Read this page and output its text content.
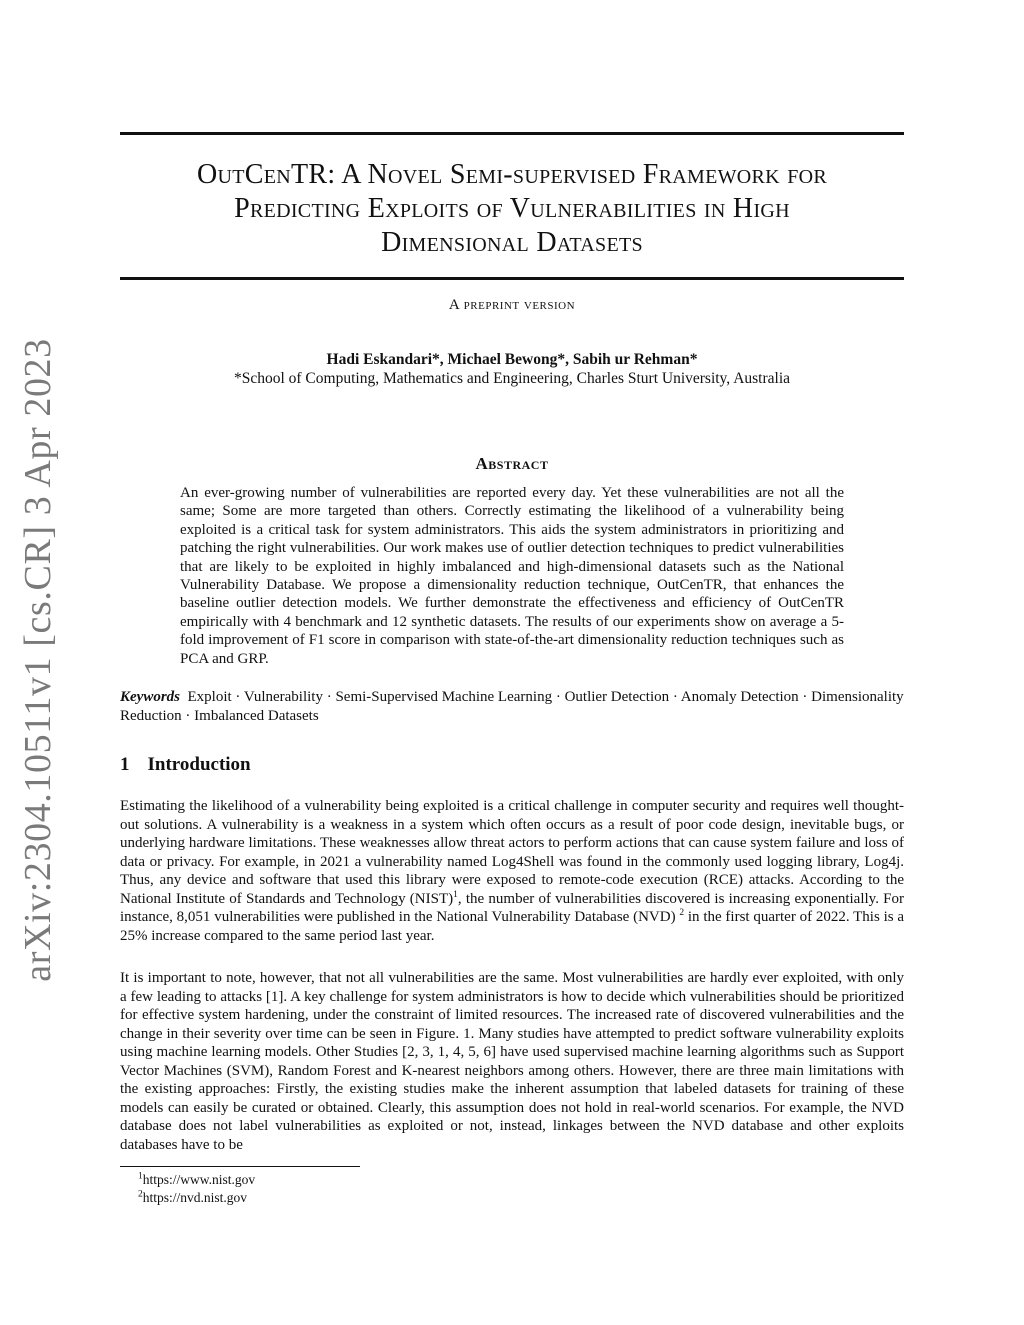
arXiv:2304.10511v1 [cs.CR] 3 Apr 2023
OutCenTR: A Novel Semi-supervised Framework for
Predicting Exploits of Vulnerabilities in High
Dimensional Datasets
A preprint version
Hadi Eskandari*, Michael Bewong*, Sabih ur Rehman*
*School of Computing, Mathematics and Engineering, Charles Sturt University, Australia
Abstract

An ever-growing number of vulnerabilities are reported every day. Yet these vulnerabilities are not all the same; Some are more targeted than others. Correctly estimating the likelihood of a vulnerability being exploited is a critical task for system administrators. This aids the system administrators in prioritizing and patching the right vulnerabilities. Our work makes use of outlier detection techniques to predict vulnerabilities that are likely to be exploited in highly imbalanced and high-dimensional datasets such as the National Vulnerability Database. We propose a dimensionality reduction technique, OutCenTR, that enhances the baseline outlier detection models. We further demonstrate the effectiveness and efficiency of OutCenTR empirically with 4 benchmark and 12 synthetic datasets. The results of our experiments show on average a 5-fold improvement of F1 score in comparison with state-of-the-art dimensionality reduction techniques such as PCA and GRP.

Keywords Exploit · Vulnerability · Semi-Supervised Machine Learning · Outlier Detection · Anomaly Detection · Dimensionality Reduction · Imbalanced Datasets

1 Introduction

Estimating the likelihood of a vulnerability being exploited is a critical challenge in computer security and requires well thought-out solutions. A vulnerability is a weakness in a system which often occurs as a result of poor code design, inevitable bugs, or underlying hardware limitations. These weaknesses allow threat actors to perform actions that can cause system failure and loss of data or privacy. For example, in 2021 a vulnerability named Log4Shell was found in the commonly used logging library, Log4j. Thus, any device and software that used this library were exposed to remote-code execution (RCE) attacks. According to the National Institute of Standards and Technology (NIST)$^1$, the number of vulnerabilities discovered is increasing exponentially. For instance, 8,051 vulnerabilities were published in the National Vulnerability Database (NVD) $^2$ in the first quarter of 2022. This is a 25% increase compared to the same period last year.

It is important to note, however, that not all vulnerabilities are the same. Most vulnerabilities are hardly ever exploited, with only a few leading to attacks [1]. A key challenge for system administrators is how to decide which vulnerabilities should be prioritized for effective system hardening, under the constraint of limited resources. The increased rate of discovered vulnerabilities and the change in their severity over time can be seen in Figure. 1. Many studies have attempted to predict software vulnerability exploits using machine learning models. Other Studies [2, 3, 1, 4, 5, 6] have used supervised machine learning algorithms such as Support Vector Machines (SVM), Random Forest and K-nearest neighbors among others. However, there are three main limitations with the existing approaches: Firstly, the existing studies make the inherent assumption that labeled datasets for training of these models can easily be curated or obtained. Clearly, this assumption does not hold in real-world scenarios. For example, the NVD database does not label vulnerabilities as exploited or not, instead, linkages between the NVD database and other exploits databases have to be

$^1$https://www.nist.gov
$^2$https://nvd.nist.gov
